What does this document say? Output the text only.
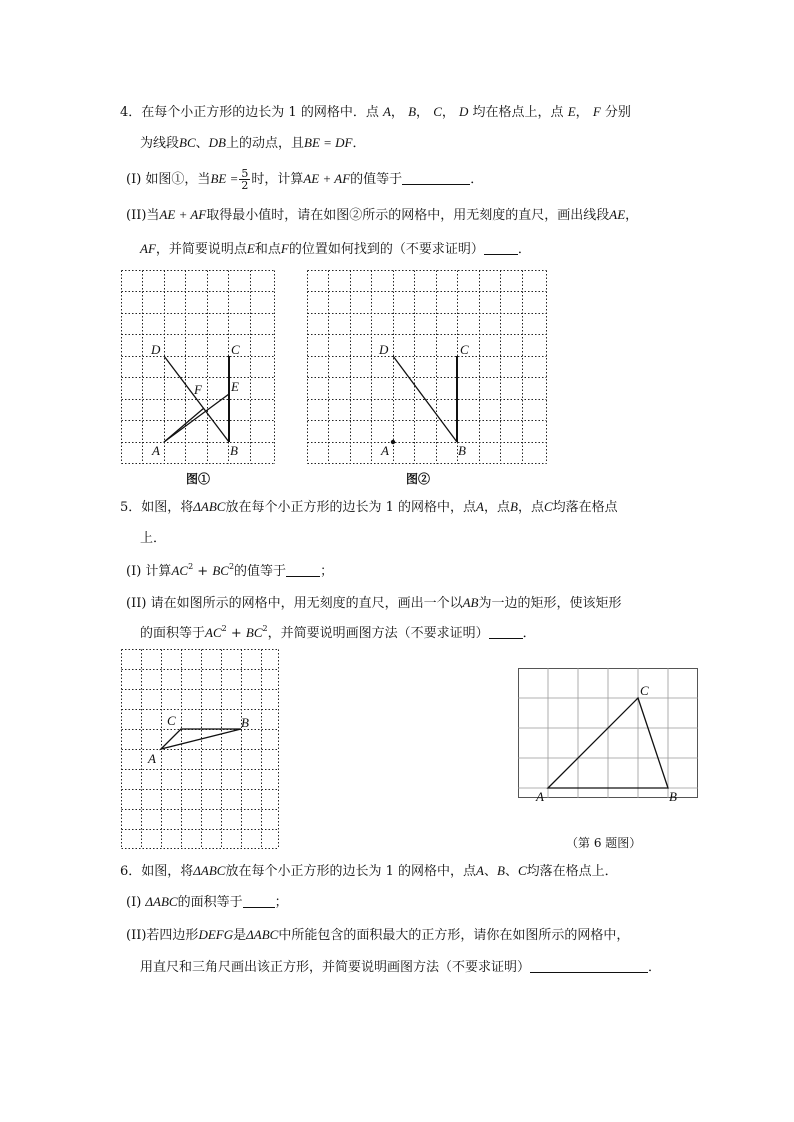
4．在每个小正方形的边长为 1 的网格中．点 A， B， C， D 均在格点上，点 E， F 分别
为线段BC、DB上的动点，且BE = DF．
(I) 如图①，当BE = $\frac{5}{2}$ 时，计算AE + AF的值等于	．
(II)当AE + AF取得最小值时，请在如图②所示的网格中，用无刻度的直尺，画出线段AE，
AF，并简要说明点E和点F的位置如何找到的（不要求证明）	．
D	C
E
F
A	B
图①
D	C
A	B
图②
5．如图，将ΔABC放在每个小正方形的边长为 1 的网格中，点A，点B，点C均落在格点
上．
(I) 计算$AC^2 + BC^2$的值等于	；
(II) 请在如图所示的网格中，用无刻度的直尺，画出一个以AB为一边的矩形，使该矩形
的面积等于$AC^2 + BC^2$，并简要说明画图方法（不要求证明）	．
C	B
A
C
A	B
（第 6 题图）
6．如图，将ΔABC放在每个小正方形的边长为 1 的网格中，点A、B、C均落在格点上．
(I) ΔABC的面积等于 ；
(II)若四边形DEFG是ΔABC中所能包含的面积最大的正方形，请你在如图所示的网格中，
用直尺和三角尺画出该正方形，并简要说明画图方法（不要求证明）	．
